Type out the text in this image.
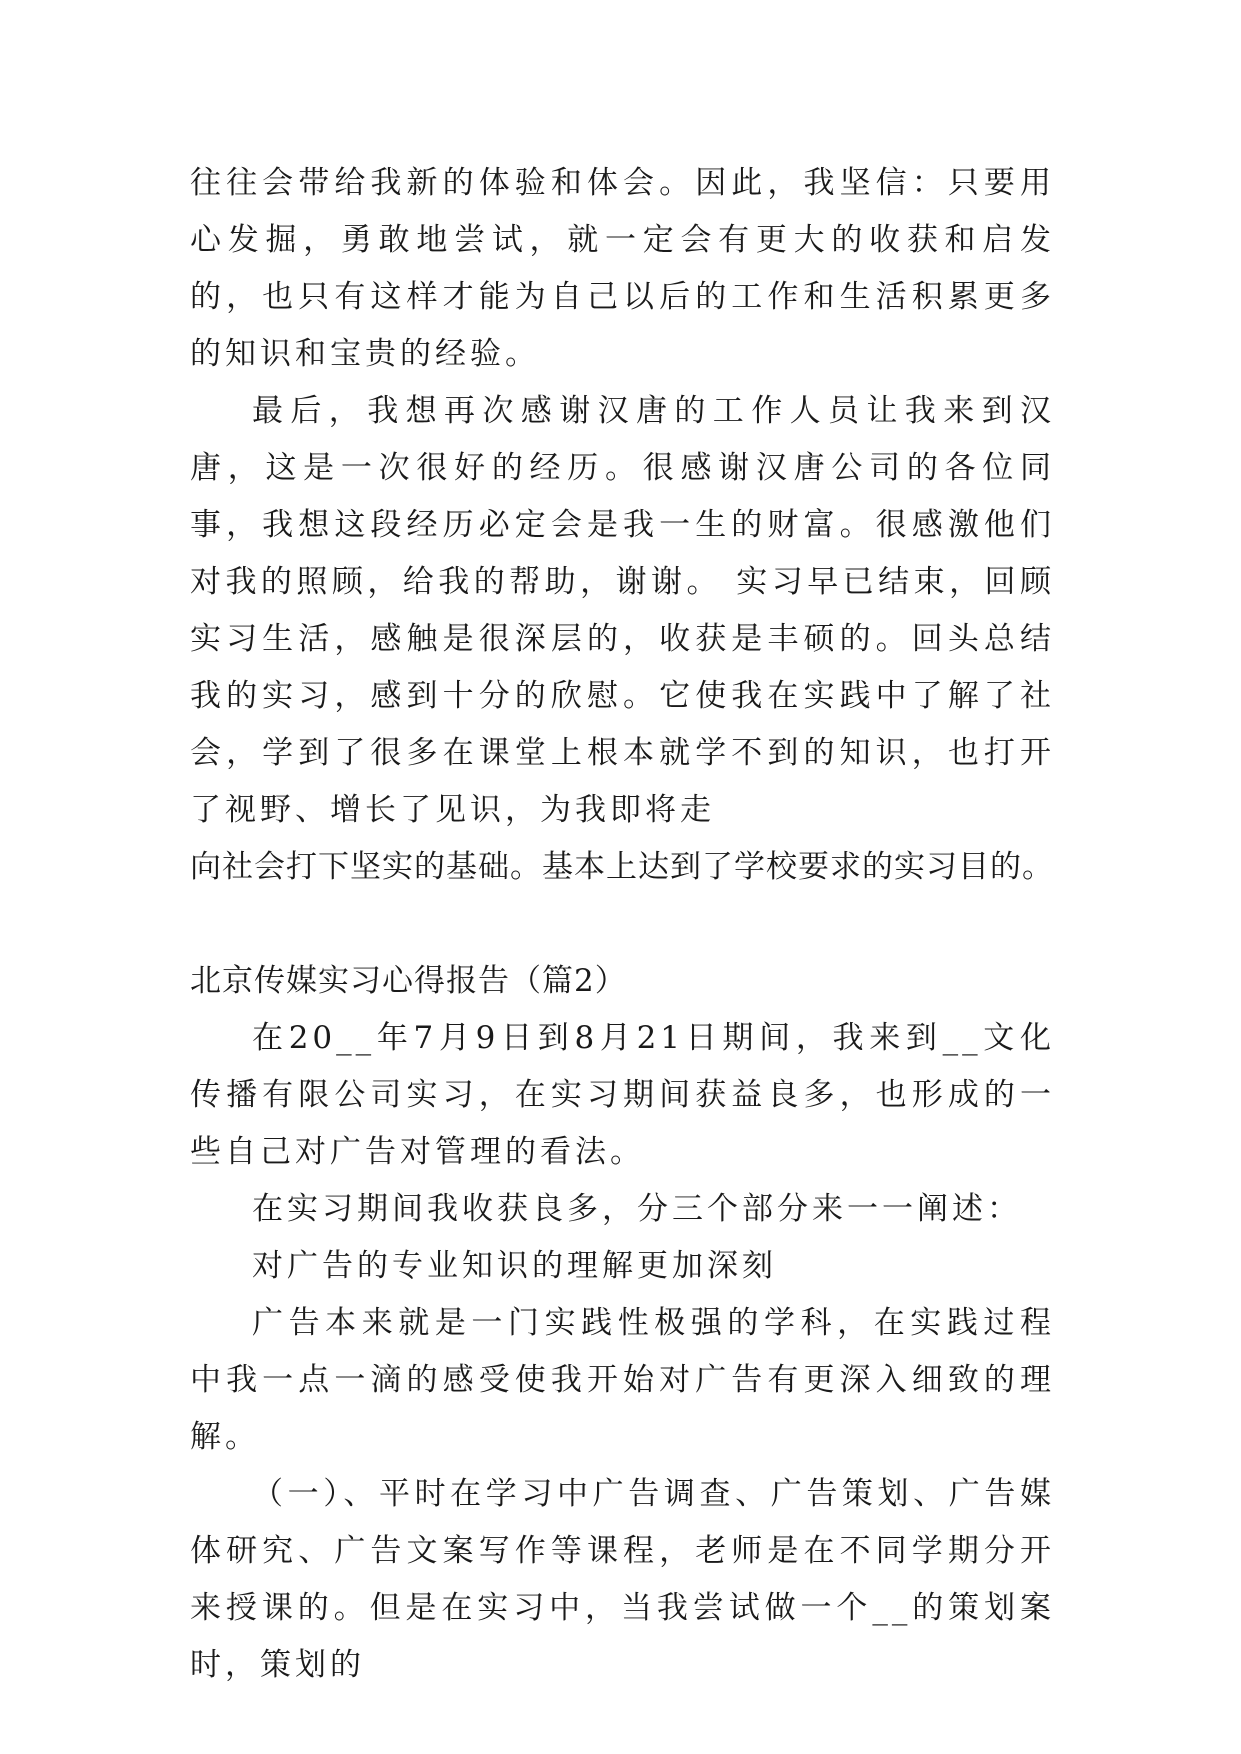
往往会带给我新的体验和体会。因此，我坚信：只要用心发掘，勇敢地尝试，就一定会有更大的收获和启发的，也只有这样才能为自己以后的工作和生活积累更多的知识和宝贵的经验。

最后，我想再次感谢汉唐的工作人员让我来到汉唐，这是一次很好的经历。很感谢汉唐公司的各位同事，我想这段经历必定会是我一生的财富。很感激他们对我的照顾，给我的帮助，谢谢。 实习早已结束，回顾实习生活，感触是很深层的，收获是丰硕的。回头总结我的实习，感到十分的欣慰。它使我在实践中了解了社会，学到了很多在课堂上根本就学不到的知识，也打开了视野、增长了见识，为我即将走

向社会打下坚实的基础。基本上达到了学校要求的实习目的。

北京传媒实习心得报告（篇2）

在20__年7月9日到8月21日期间，我来到__文化传播有限公司实习，在实习期间获益良多，也形成的一些自己对广告对管理的看法。

在实习期间我收获良多，分三个部分来一一阐述：

对广告的专业知识的理解更加深刻

广告本来就是一门实践性极强的学科，在实践过程中我一点一滴的感受使我开始对广告有更深入细致的理解。

（一）、平时在学习中广告调查、广告策划、广告媒体研究、广告文案写作等课程，老师是在不同学期分开来授课的。但是在实习中，当我尝试做一个__的策划案时，策划的
